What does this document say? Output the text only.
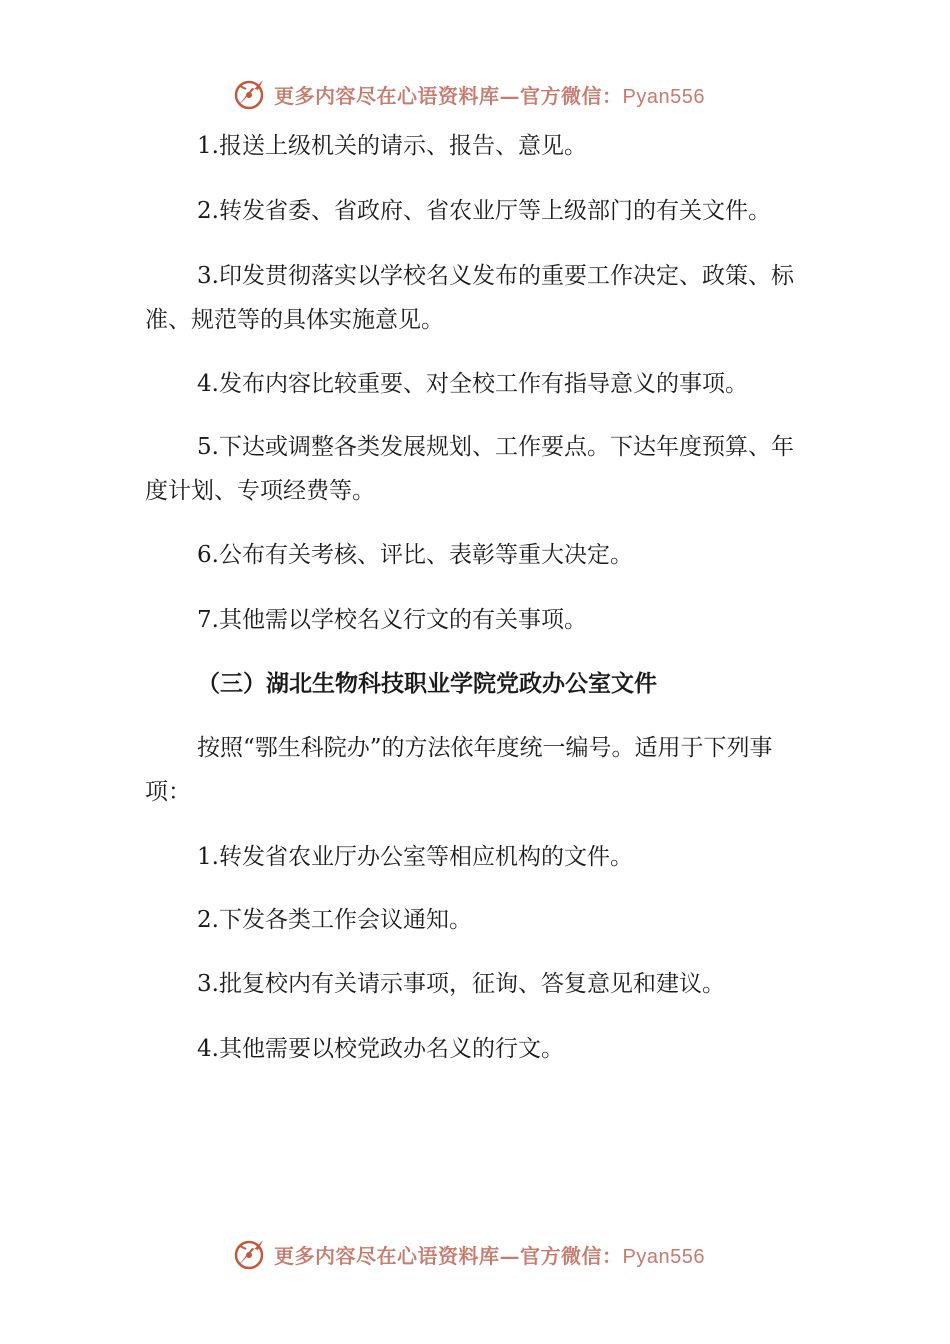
更多内容尽在心语资料库—官方微信：Pyan556

1.报送上级机关的请示、报告、意见。

2.转发省委、省政府、省农业厅等上级部门的有关文件。

3.印发贯彻落实以学校名义发布的重要工作决定、政策、标准、规范等的具体实施意见。

4.发布内容比较重要、对全校工作有指导意义的事项。

5.下达或调整各类发展规划、工作要点。下达年度预算、年度计划、专项经费等。

6.公布有关考核、评比、表彰等重大决定。

7.其他需以学校名义行文的有关事项。

（三）湖北生物科技职业学院党政办公室文件

按照“鄂生科院办”的方法依年度统一编号。适用于下列事项：

1.转发省农业厅办公室等相应机构的文件。

2.下发各类工作会议通知。

3.批复校内有关请示事项，征询、答复意见和建议。

4.其他需要以校党政办名义的行文。

更多内容尽在心语资料库—官方微信：Pyan556
